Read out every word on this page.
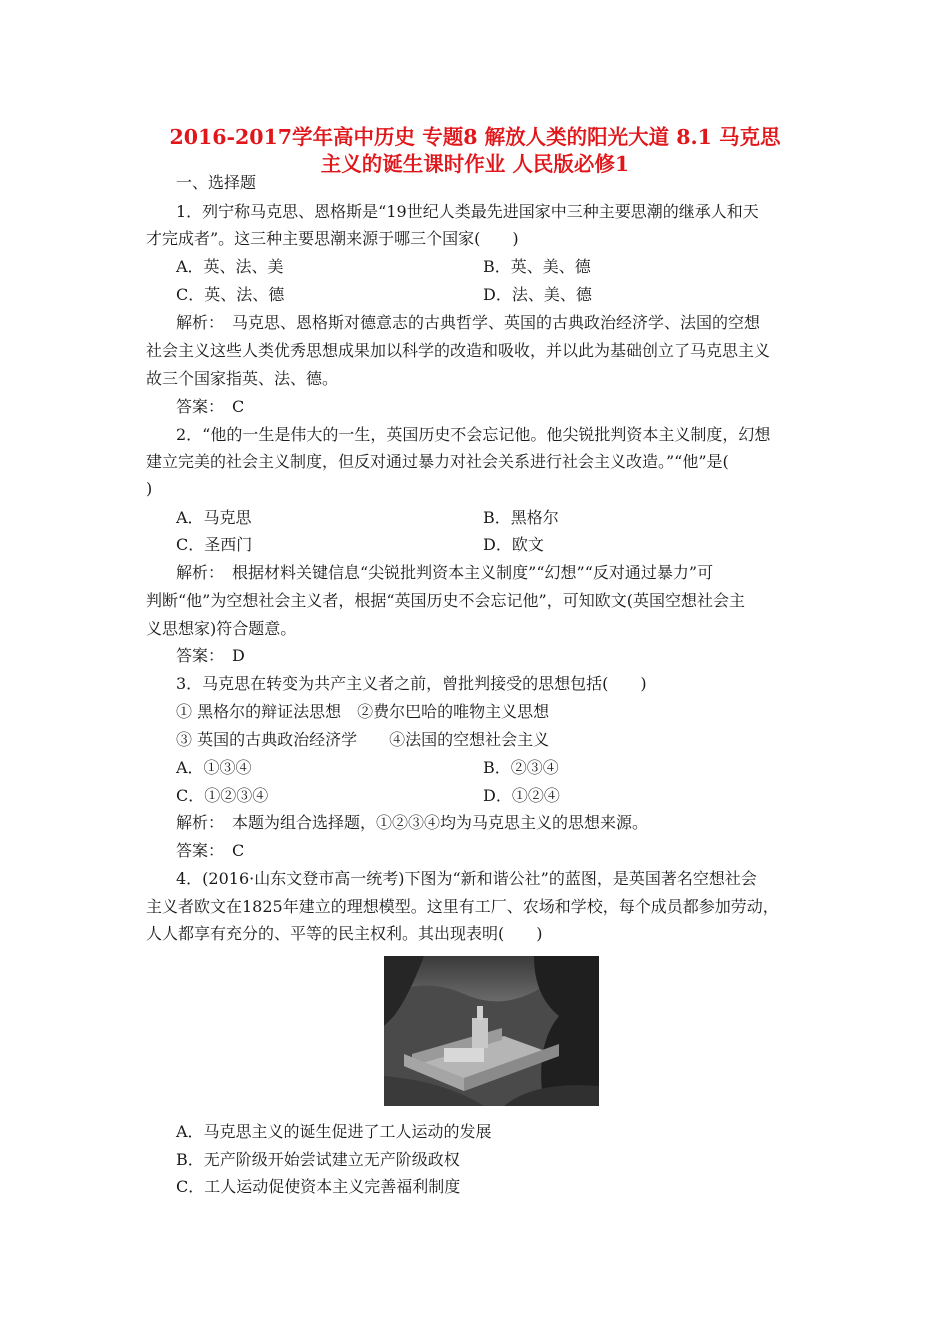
2016-2017学年高中历史 专题8 解放人类的阳光大道 8.1 马克思
主义的诞生课时作业 人民版必修1
一、选择题
1．列宁称马克思、恩格斯是“19世纪人类最先进国家中三种主要思潮的继承人和天
才完成者”。这三种主要思潮来源于哪三个国家(　　)
A．英、法、美	B．英、美、德
C．英、法、德	D．法、美、德
解析：　马克思、恩格斯对德意志的古典哲学、英国的古典政治经济学、法国的空想
社会主义这些人类优秀思想成果加以科学的改造和吸收，并以此为基础创立了马克思主义
故三个国家指英、法、德。
答案：　C
2．“他的一生是伟大的一生，英国历史不会忘记他。他尖锐批判资本主义制度，幻想
建立完美的社会主义制度，但反对通过暴力对社会关系进行社会主义改造。”“他”是(
)
A．马克思	B．黑格尔
C．圣西门	D．欧文
解析：　根据材料关键信息“尖锐批判资本主义制度”“幻想”“反对通过暴力”可
判断“他”为空想社会主义者，根据“英国历史不会忘记他”，可知欧文(英国空想社会主
义思想家)符合题意。
答案：　D
3．马克思在转变为共产主义者之前，曾批判接受的思想包括(　　)
① 黑格尔的辩证法思想　②费尔巴哈的唯物主义思想
③ 英国的古典政治经济学　　④法国的空想社会主义
A．①③④	B．②③④
C．①②③④	D．①②④
解析：　本题为组合选择题，①②③④均为马克思主义的思想来源。
答案：　C
4．(2016·山东文登市高一统考)下图为“新和谐公社”的蓝图，是英国著名空想社会
主义者欧文在1825年建立的理想模型。这里有工厂、农场和学校，每个成员都参加劳动，
人人都享有充分的、平等的民主权利。其出现表明(　　)
A．马克思主义的诞生促进了工人运动的发展
B．无产阶级开始尝试建立无产阶级政权
C．工人运动促使资本主义完善福利制度
